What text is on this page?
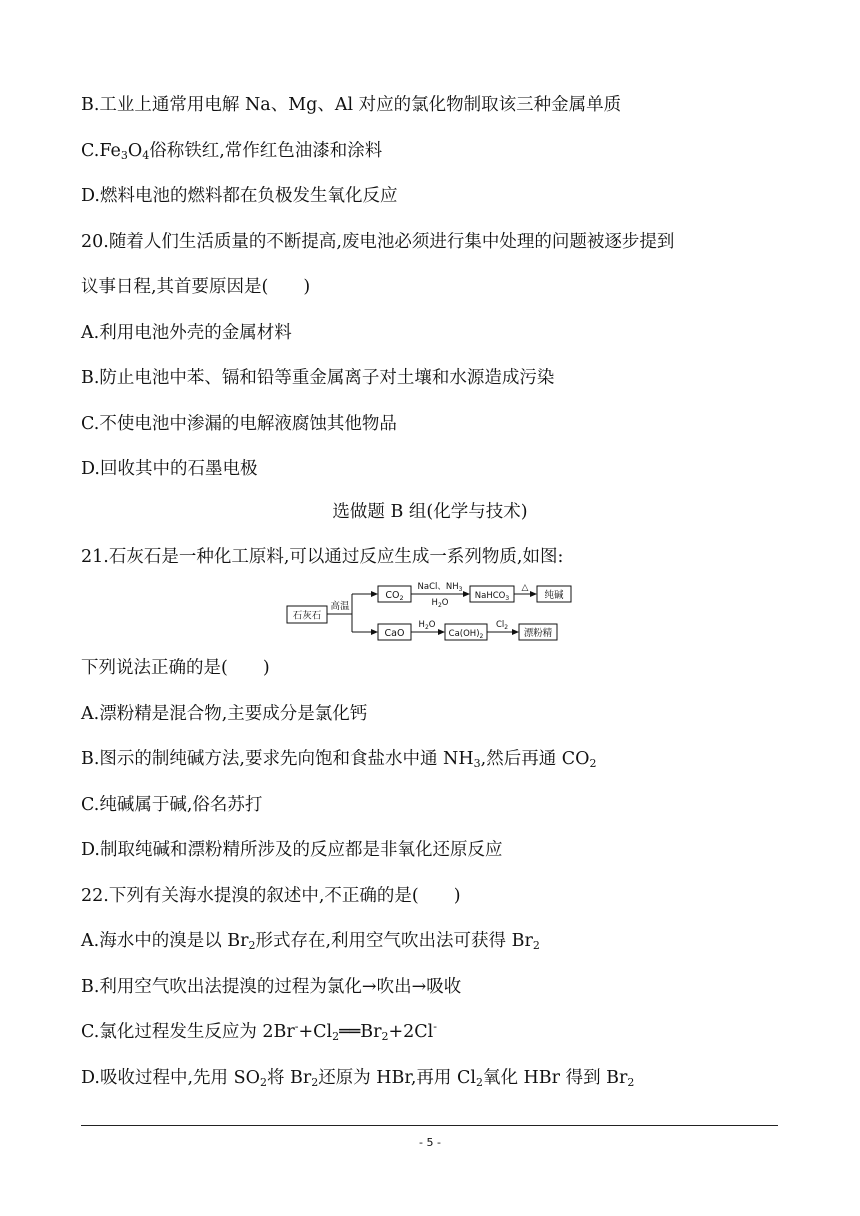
B.工业上通常用电解 Na、Mg、Al 对应的氯化物制取该三种金属单质
$C.Fe_3O_4$俗称铁红,常作红色油漆和涂料
D.燃料电池的燃料都在负极发生氧化反应
20.随着人们生活质量的不断提高,废电池必须进行集中处理的问题被逐步提到
议事日程,其首要原因是(　　)
A.利用电池外壳的金属材料
B.防止电池中苯、镉和铅等重金属离子对土壤和水源造成污染
C.不使电池中渗漏的电解液腐蚀其他物品
D.回收其中的石墨电极
选做题 B 组(化学与技术)
21.石灰石是一种化工原料,可以通过反应生成一系列物质,如图:
石灰石
高温
$CO_2$
NaCl、$NH_3$
$H_2O$
NaHCO$_3$
△
纯碱
CaO
$H_2O$
$Ca(OH)_2$
$Cl_2$
漂粉精
下列说法正确的是(　　)
A.漂粉精是混合物,主要成分是氯化钙
B.图示的制纯碱方法,要求先向饱和食盐水中通 $NH_3$,然后再通 $CO_2$
C.纯碱属于碱,俗名苏打
D.制取纯碱和漂粉精所涉及的反应都是非氧化还原反应
22.下列有关海水提溴的叙述中,不正确的是(　　)
A.海水中的溴是以 $Br_2$形式存在,利用空气吹出法可获得 $Br_2$
B.利用空气吹出法提溴的过程为氯化→吹出→吸收
C.氯化过程发生反应为 $2Br^-+Cl_2══Br_2+2Cl^-$
D.吸收过程中,先用 $SO_2$将 $Br_2$还原为 HBr,再用 $Cl_2$氧化 HBr 得到 $Br_2$
- 5 -
